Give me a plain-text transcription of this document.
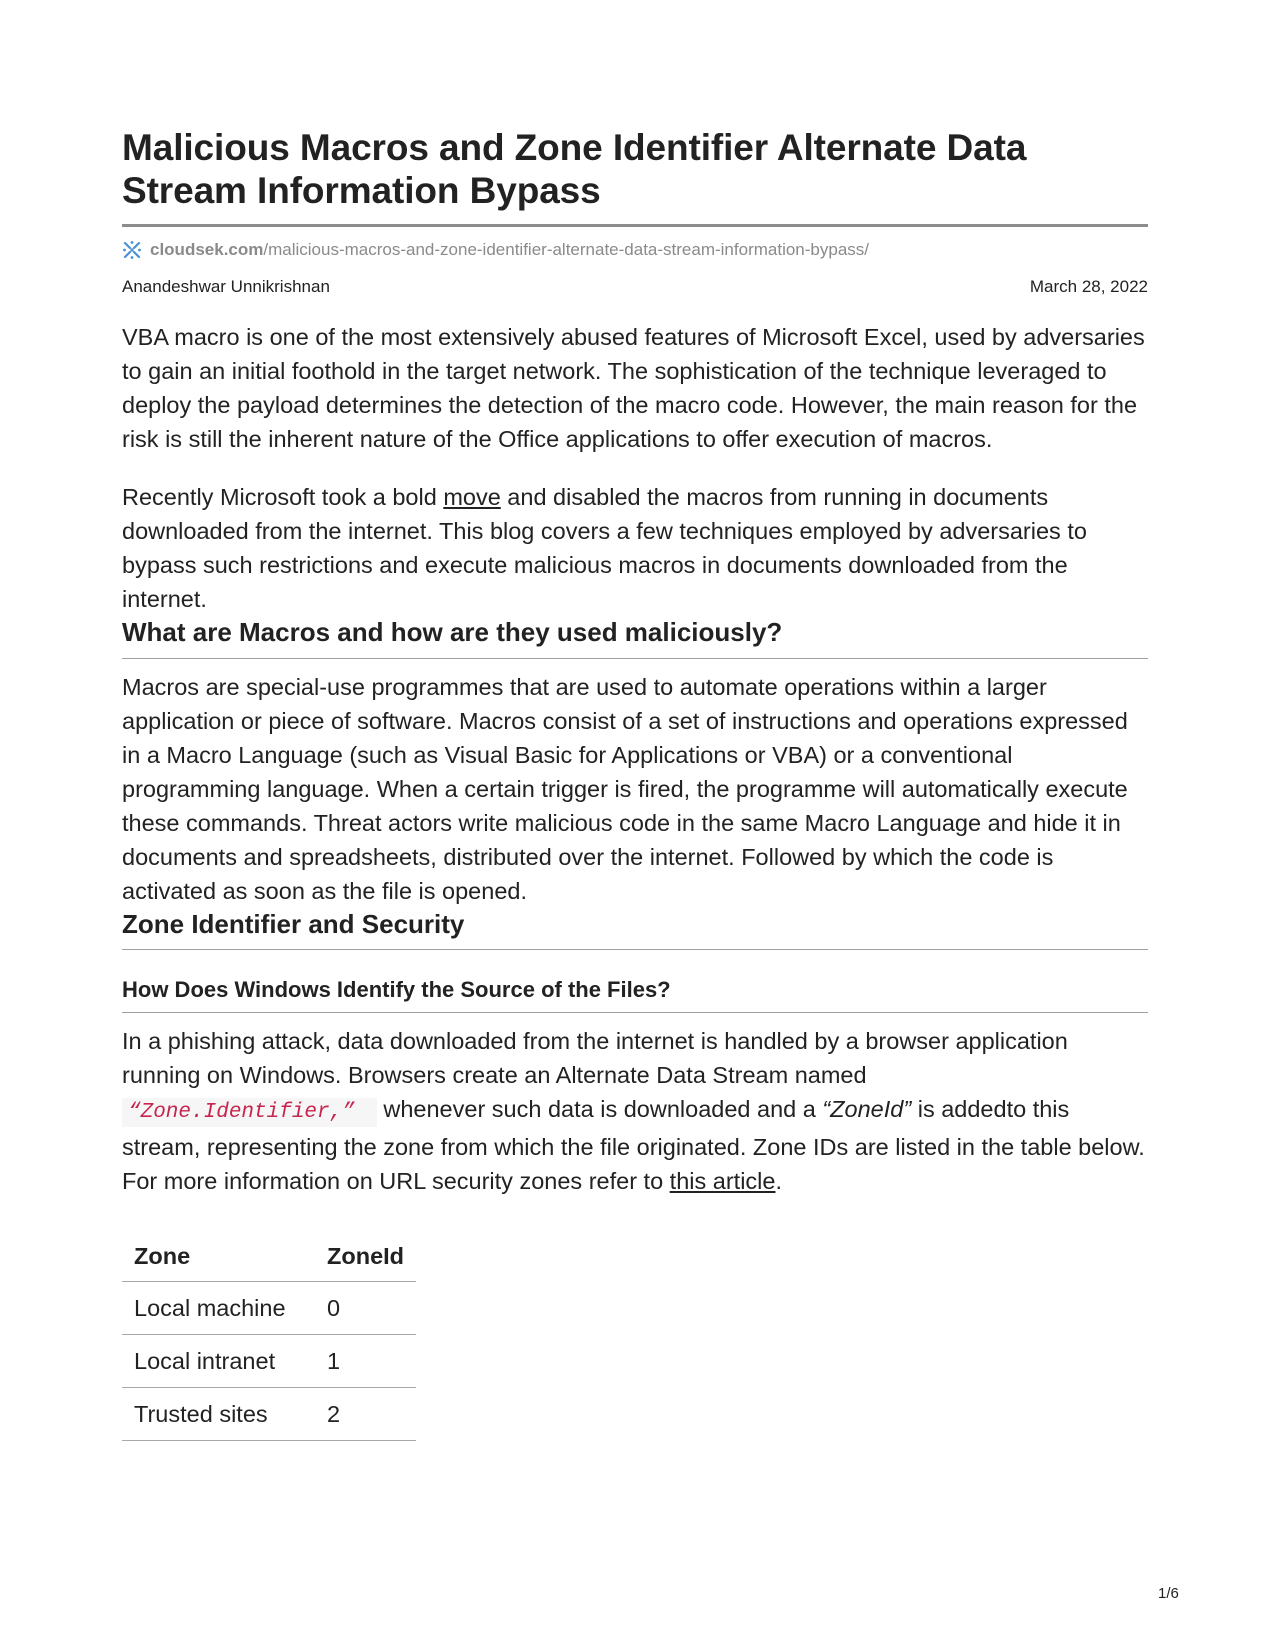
Malicious Macros and Zone Identifier Alternate Data
Stream Information Bypass
cloudsek.com /malicious-macros-and-zone-identifier-alternate-data-stream-information-bypass/
Anandeshwar Unnikrishnan	March 28, 2022

VBA macro is one of the most extensively abused features of Microsoft Excel, used by adversaries to gain an initial foothold in the target network. The sophistication of the technique leveraged to deploy the payload determines the detection of the macro code. However, the main reason for the risk is still the inherent nature of the Office applications to offer execution of macros.

Recently Microsoft took a bold move and disabled the macros from running in documents downloaded from the internet. This blog covers a few techniques employed by adversaries to bypass such restrictions and execute malicious macros in documents downloaded from the internet.

What are Macros and how are they used maliciously?

Macros are special-use programmes that are used to automate operations within a larger application or piece of software. Macros consist of a set of instructions and operations expressed in a Macro Language (such as Visual Basic for Applications or VBA) or a conventional programming language. When a certain trigger is fired, the programme will automatically execute these commands. Threat actors write malicious code in the same Macro Language and hide it in documents and spreadsheets, distributed over the internet. Followed by which the code is activated as soon as the file is opened.

Zone Identifier and Security
How Does Windows Identify the Source of the Files?

In a phishing attack, data downloaded from the internet is handled by a browser application running on Windows. Browsers create an Alternate Data Stream named
“Zone.Identifier,” whenever such data is downloaded and a “ZoneId” is addedto this stream, representing the zone from which the file originated. Zone IDs are listed in the table below. For more information on URL security zones refer to this article.

Zone	ZoneId
Local machine	0
Local intranet	1
Trusted sites	2
1/6
